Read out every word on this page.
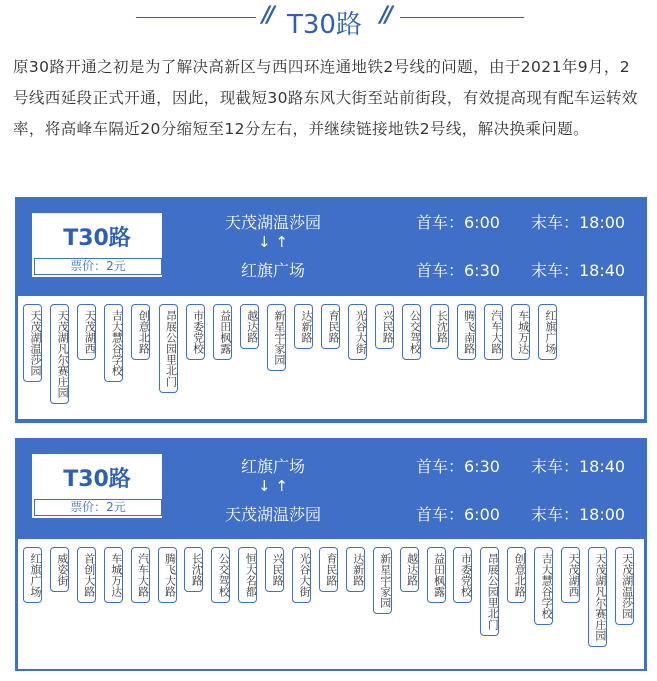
// T30路 //
原30路开通之初是为了解决高新区与西四环连通地铁2号线的问题，由于2021年9月，2号线西延段正式开通，因此，现截短30路东风大街至站前街段，有效提高现有配车运转效率，将高峰车隔近20分缩短至12分左右，并继续链接地铁2号线，解决换乘问题。
T30路
票价：2元
天茂湖温莎园
↓ ↑
红旗广场
首车：6:00 末车：18:00
首车：6:30 末车：18:40
天茂湖温莎园	天茂湖凡尔赛庄园	天茂湖西	吉大慧谷学校	创意北路	昂展公园里北门	市委党校	益田枫露	越达路	新星宇家园	达新路	育民路	光谷大街	兴民路	公交驾校	长沈路	腾飞南路	汽车大路	车城万达	红旗广场
T30路
票价：2元
红旗广场
↓ ↑
天茂湖温莎园
首车：6:30 末车：18:40
首车：6:00 末车：18:00
红旗广场	威姿街	首创大路	车城万达	汽车大路	腾飞大路	长沈路	公交驾校	恒大名都	兴民路	光谷大街	育民路	达新路	新星宇家园	越达路	益田枫露	市委党校	昂展公园里北门	创意北路	吉大慧谷学校	天茂湖西	天茂湖凡尔赛庄园	天茂湖温莎园
